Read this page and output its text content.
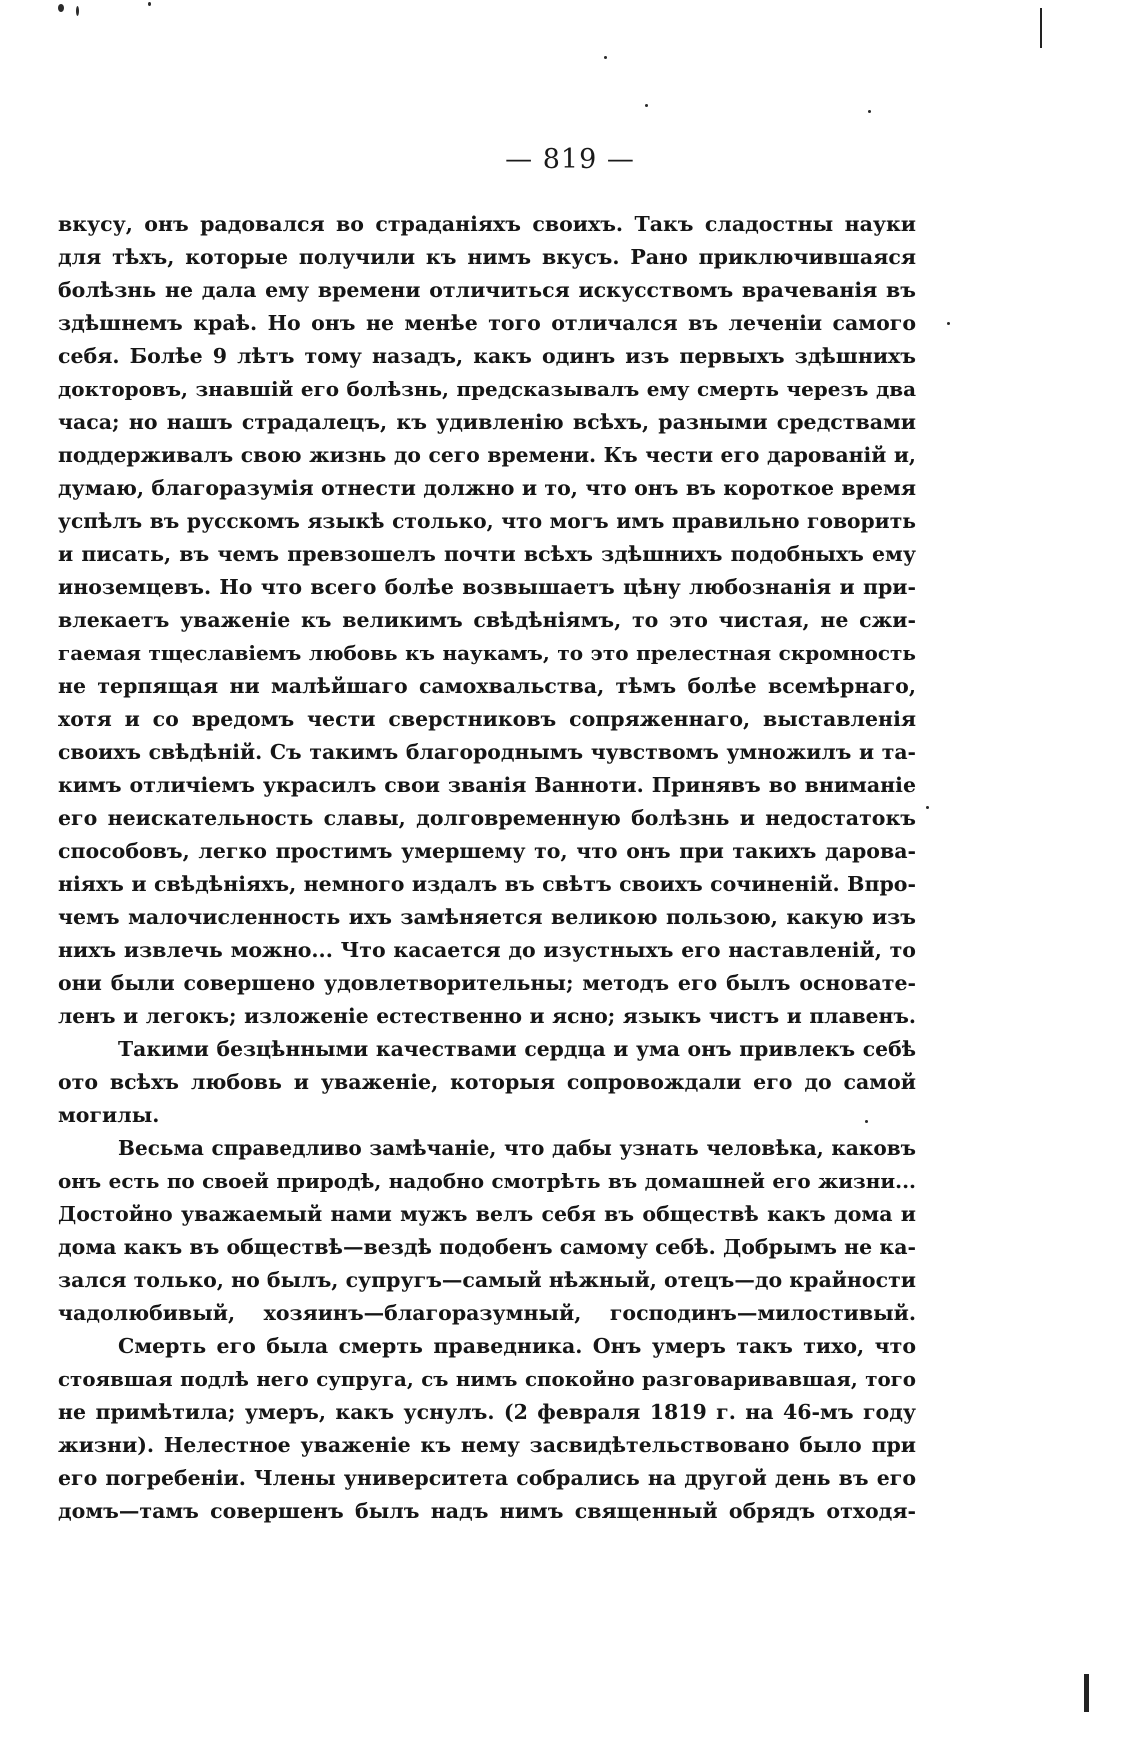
— 819 —
вкусу, онъ радовался во страданiяхъ своихъ. Такъ сладостны науки
для тѣхъ, которые получили къ нимъ вкусъ. Рано приключившаяся
болѣзнь не дала ему времени отличиться искусствомъ врачеванiя въ
здѣшнемъ краѣ. Но онъ не менѣе того отличался въ леченiи самого
себя. Болѣе 9 лѣтъ тому назадъ, какъ одинъ изъ первыхъ здѣшнихъ
докторовъ, знавшiй его болѣзнь, предсказывалъ ему смерть черезъ два
часа; но нашъ страдалецъ, къ удивленiю всѣхъ, разными средствами
поддерживалъ свою жизнь до сего времени. Къ чести его дарованiй и,
думаю, благоразумiя отнести должно и то, что онъ въ короткое время
успѣлъ въ русскомъ языкѣ столько, что могъ имъ правильно говорить
и писать, въ чемъ превзошелъ почти всѣхъ здѣшнихъ подобныхъ ему
иноземцевъ. Но что всего болѣе возвышаетъ цѣну любознанiя и при-
влекаетъ уваженiе къ великимъ свѣдѣнiямъ, то это чистая, не сжи-
гаемая тщеславiемъ любовь къ наукамъ, то это прелестная скромность
не терпящая ни малѣйшаго самохвальства, тѣмъ болѣе всемѣрнаго,
хотя и со вредомъ чести сверстниковъ сопряженнаго, выставленiя
своихъ свѣдѣнiй. Съ такимъ благороднымъ чувствомъ умножилъ и та-
кимъ отличiемъ украсилъ свои званiя Ванноти. Принявъ во вниманiе
его неискательность славы, долговременную болѣзнь и недостатокъ
способовъ, легко простимъ умершему то, что онъ при такихъ дарова-
нiяхъ и свѣдѣнiяхъ, немного издалъ въ свѣтъ своихъ сочиненiй. Впро-
чемъ малочисленность ихъ замѣняется великою пользою, какую изъ
нихъ извлечь можно... Что касается до изустныхъ его наставленiй, то
они были совершено удовлетворительны; методъ его былъ основате-
ленъ и легокъ; изложенiе естественно и ясно; языкъ чистъ и плавенъ.
Такими безцѣнными качествами сердца и ума онъ привлекъ себѣ
ото всѣхъ любовь и уваженiе, которыя сопровождали его до самой
могилы.
Весьма справедливо замѣчанiе, что дабы узнать человѣка, каковъ
онъ есть по своей природѣ, надобно смотрѣть въ домашней его жизни...
Достойно уважаемый нами мужъ велъ себя въ обществѣ какъ дома и
дома какъ въ обществѣ—вездѣ подобенъ самому себѣ. Добрымъ не ка-
зался только, но былъ, супругъ—самый нѣжный, отецъ—до крайности
чадолюбивый, хозяинъ—благоразумный, господинъ—милостивый.
Смерть его была смерть праведника. Онъ умеръ такъ тихо, что
стоявшая подлѣ него супруга, съ нимъ спокойно разговаривавшая, того
не примѣтила; умеръ, какъ уснулъ. (2 февраля 1819 г. на 46-мъ году
жизни). Нелестное уваженiе къ нему засвидѣтельствовано было при
его погребенiи. Члены университета собрались на другой день въ его
домъ—тамъ совершенъ былъ надъ нимъ священный обрядъ отходя-
